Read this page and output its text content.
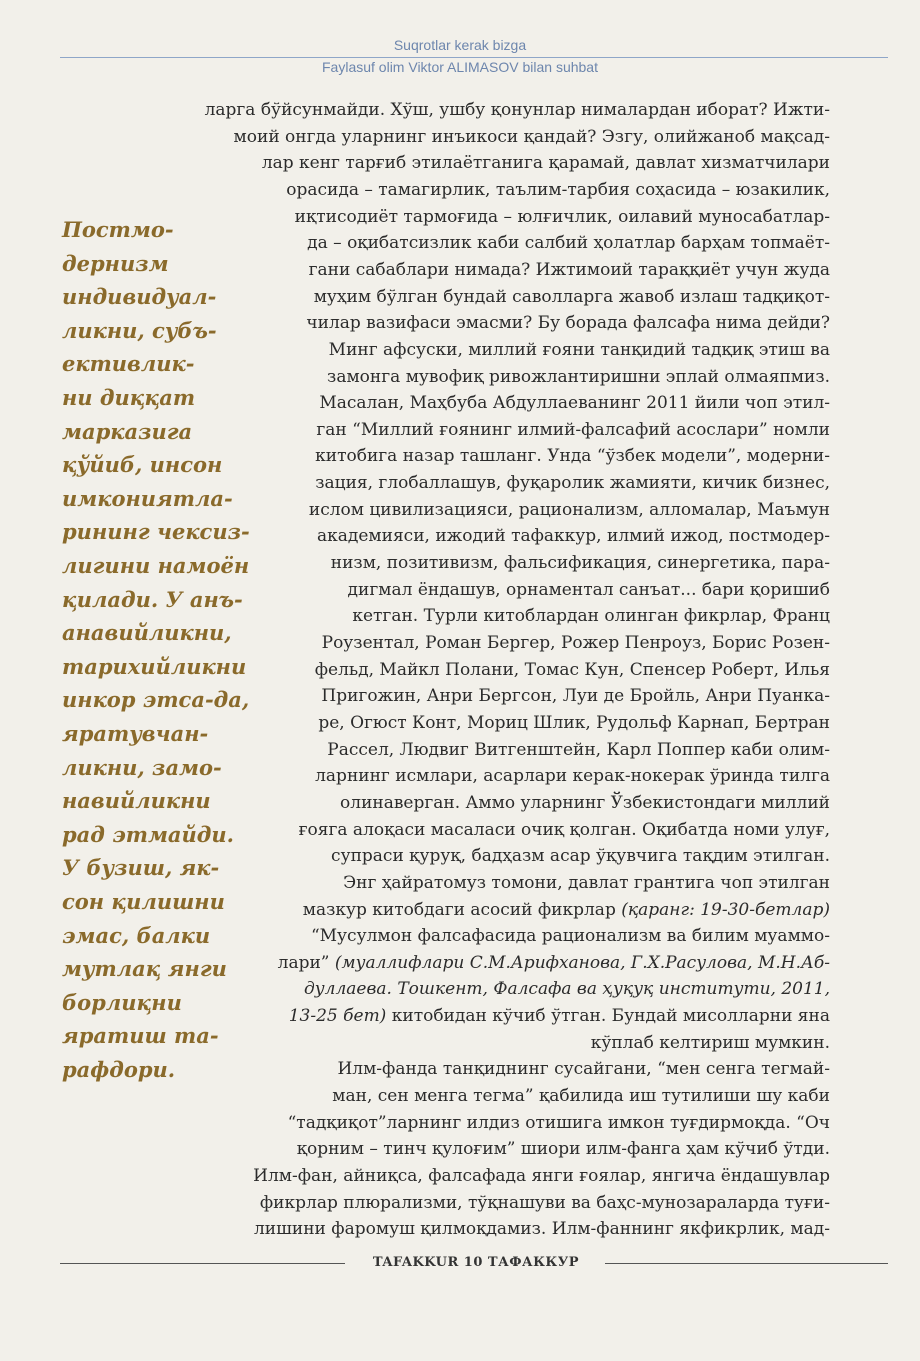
Suqrotlar kerak bizga
Faylasuf olim Viktor ALIMASOV bilan suhbat
ларга бўйсунмайди. Хўш, ушбу қонунлар нималардан иборат? Ижти-
моий онгда уларнинг инъикоси қандай? Эзгу, олийжаноб мақсад-
лар кенг тарғиб этилаётганига қарамай, давлат хизматчилари
орасида – тамагирлик, таълим-тарбия соҳасида – юзакилик,
иқтисодиёт тармоғида – юлғичлик, оилавий муносабатлар-
да – оқибатсизлик каби салбий ҳолатлар барҳам топмаёт-
гани сабаблари нимада? Ижтимоий тараққиёт учун жуда
муҳим бўлган бундай саволларга жавоб излаш тадқиқот-
чилар вазифаси эмасми? Бу борада фалсафа нима дейди?
Минг афсуски, миллий ғояни танқидий тадқиқ этиш ва
замонга мувофиқ ривожлантиришни эплай олмаяпмиз.
Масалан, Маҳбуба Абдуллаеванинг 2011 йили чоп этил-
ган “Миллий ғоянинг илмий-фалсафий асослари” номли
китобига назар ташланг. Унда “ўзбек модели”, модерни-
зация, глобаллашув, фуқаролик жамияти, кичик бизнес,
ислом цивилизацияси, рационализм, алломалар, Маъмун
академияси, ижодий тафаккур, илмий ижод, постмодер-
низм, позитивизм, фальсификация, синергетика, пара-
дигмал ёндашув, орнаментал санъат... бари қоришиб
кетган. Турли китоблардан олинган фикрлар, Франц
Роузентал, Роман Бергер, Рожер Пенроуз, Борис Розен-
фельд, Майкл Полани, Томас Кун, Спенсер Роберт, Илья
Пригожин, Анри Бергсон, Луи де Бройль, Анри Пуанка-
ре, Огюст Конт, Мориц Шлик, Рудольф Карнап, Бертран
Рассел, Людвиг Витгенштейн, Карл Поппер каби олим-
ларнинг исмлари, асарлари керак-нокерак ўринда тилга
олинаверган. Аммо уларнинг Ўзбекистондаги миллий
ғояга алоқаси масаласи очиқ қолган. Оқибатда номи улуғ,
супраси қуруқ, бадҳазм асар ўқувчига тақдим этилган.
Энг ҳайратомуз томони, давлат грантига чоп этилган
мазкур китобдаги асосий фикрлар (қаранг: 19-30-бетлар)
“Мусулмон фалсафасида рационализм ва билим муаммо-
лари” (муаллифлари С.М.Арифханова, Г.Х.Расулова, М.Н.Аб-
дуллаева. Тошкент, Фалсафа ва ҳуқуқ институти, 2011,
13-25 бет) китобидан кўчиб ўтган. Бундай мисолларни яна
кўплаб келтириш мумкин.
Илм-фанда танқиднинг сусайгани, “мен сенга тегмай-
ман, сен менга тегма” қабилида иш тутилиши шу каби
“тадқиқот”ларнинг илдиз отишига имкон туғдирмоқда. “Оч
қорним – тинч қулоғим” шиори илм-фанга ҳам кўчиб ўтди.
Илм-фан, айниқса, фалсафада янги ғоялар, янгича ёндашувлар
фикрлар плюрализми, тўқнашуви ва баҳс-мунозараларда туғи-
лишини фаромуш қилмоқдамиз. Илм-фаннинг якфикрлик, мад-
Постмо-
дернизм
индивидуал-
ликни, субъ-
ективлик-
ни диққат
марказига
қўйиб, инсон
имкониятла-
рининг чексиз-
лигини намоён
қилади. У анъ-
анавийликни,
тарихийликни
инкор этса-да,
яратувчан-
ликни, замо-
навийликни
рад этмайди.
У бузиш, як-
сон қилишни
эмас, балки
мутлақ янги
борлиқни
яратиш та-
рафдори.
TAFAKKUR 10 ТАФАККУР
